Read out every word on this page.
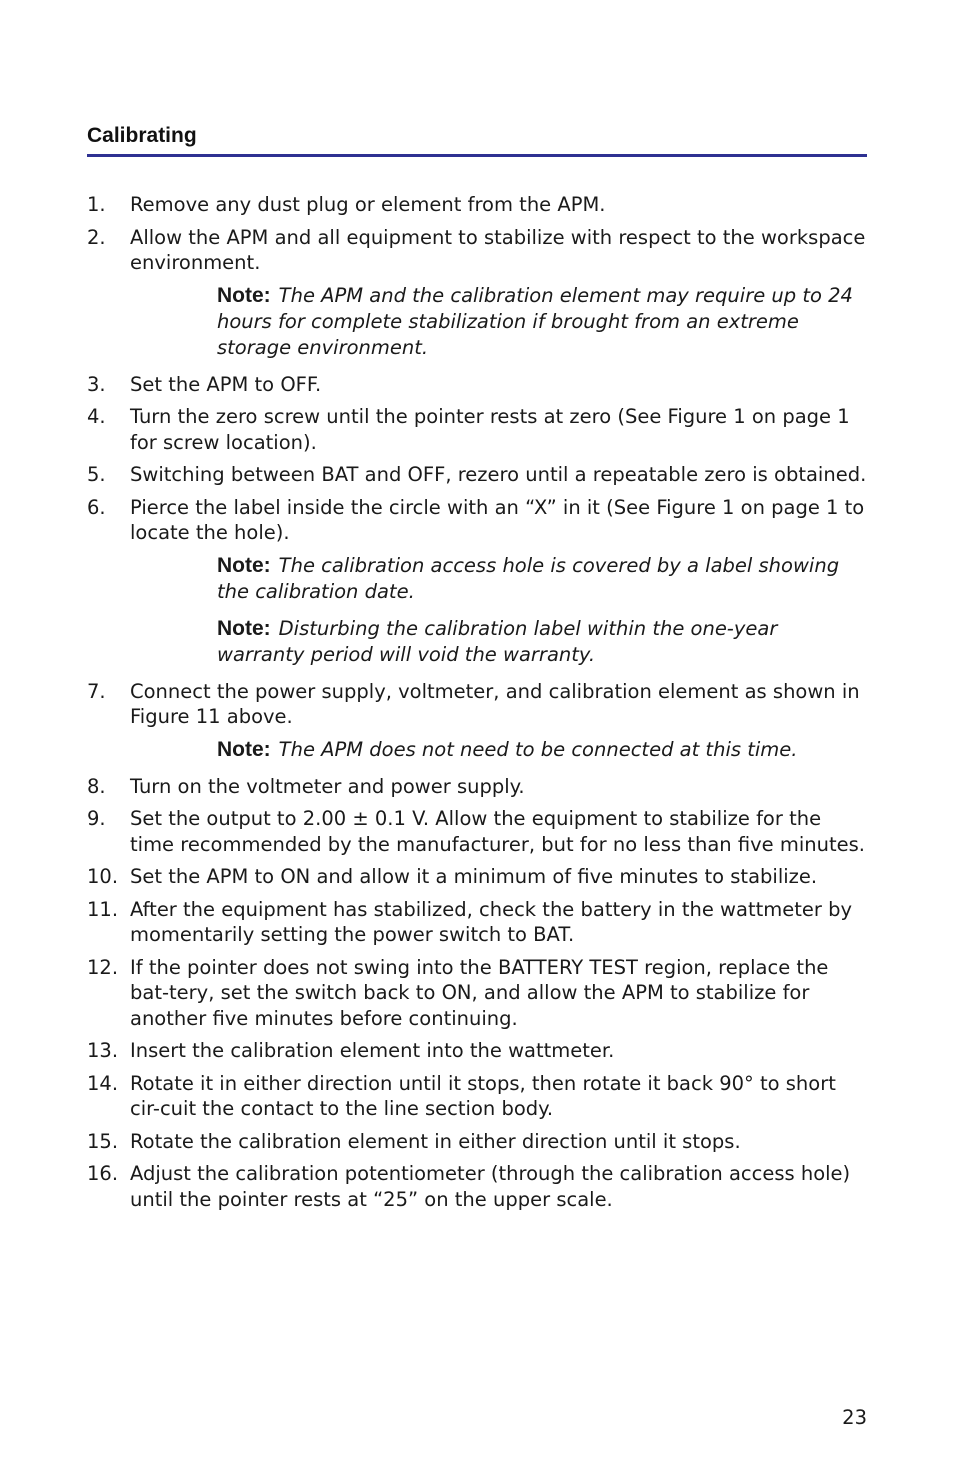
Calibrating
1. Remove any dust plug or element from the APM.
2. Allow the APM and all equipment to stabilize with respect to the workspace environment.
Note: The APM and the calibration element may require up to 24 hours for complete stabilization if brought from an extreme storage environment.
3. Set the APM to OFF.
4. Turn the zero screw until the pointer rests at zero (See Figure 1 on page 1 for screw location).
5. Switching between BAT and OFF, rezero until a repeatable zero is obtained.
6. Pierce the label inside the circle with an “X” in it (See Figure 1 on page 1 to locate the hole).
Note: The calibration access hole is covered by a label showing the calibration date.
Note: Disturbing the calibration label within the one-year warranty period will void the warranty.
7. Connect the power supply, voltmeter, and calibration element as shown in Figure 11 above.
Note: The APM does not need to be connected at this time.
8. Turn on the voltmeter and power supply.
9. Set the output to 2.00 ± 0.1 V. Allow the equipment to stabilize for the time recommended by the manufacturer, but for no less than five minutes.
10. Set the APM to ON and allow it a minimum of five minutes to stabilize.
11. After the equipment has stabilized, check the battery in the wattmeter by momentarily setting the power switch to BAT.
12. If the pointer does not swing into the BATTERY TEST region, replace the bat-tery, set the switch back to ON, and allow the APM to stabilize for another five minutes before continuing.
13. Insert the calibration element into the wattmeter.
14. Rotate it in either direction until it stops, then rotate it back 90° to short cir-cuit the contact to the line section body.
15. Rotate the calibration element in either direction until it stops.
16. Adjust the calibration potentiometer (through the calibration access hole) until the pointer rests at “25” on the upper scale.
23
